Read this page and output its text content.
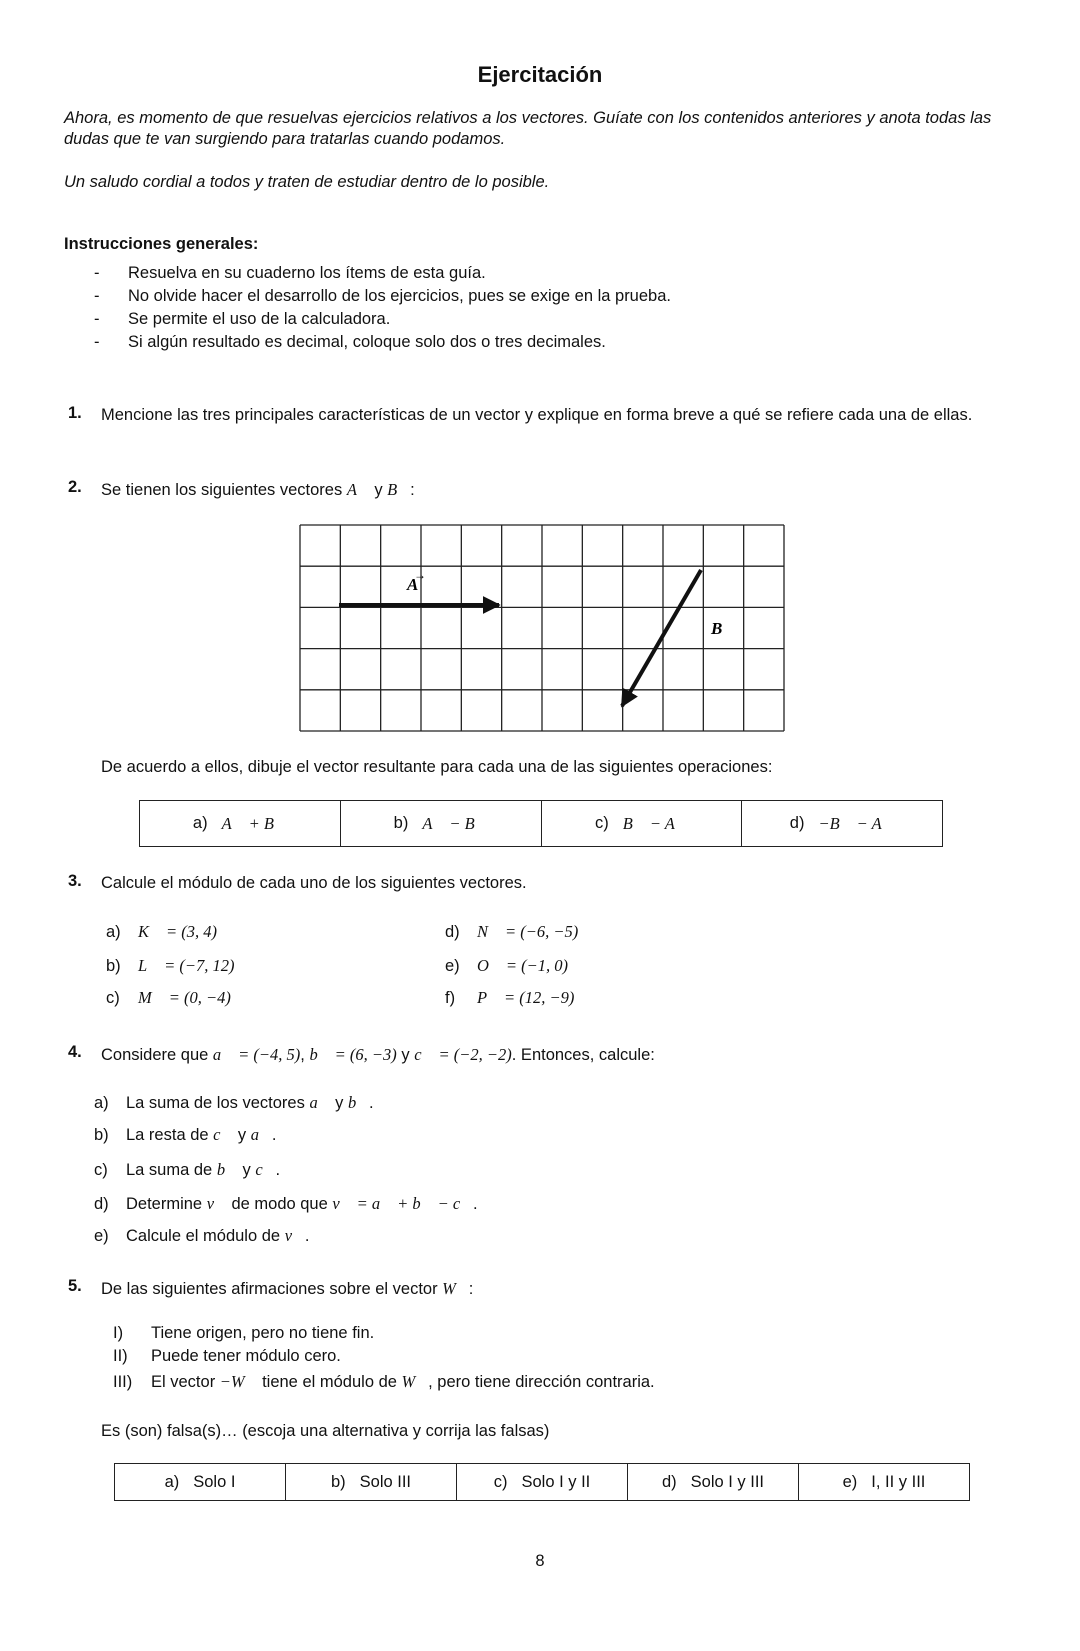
Ejercitación
Ahora, es momento de que resuelvas ejercicios relativos a los vectores. Guíate con los contenidos anteriores y anota todas las dudas que te van surgiendo para tratarlas cuando podamos.
Un saludo cordial a todos y traten de estudiar dentro de lo posible.
Instrucciones generales:
- Resuelva en su cuaderno los ítems de esta guía.
- No olvide hacer el desarrollo de los ejercicios, pues se exige en la prueba.
- Se permite el uso de la calculadora.
- Si algún resultado es decimal, coloque solo dos o tres decimales.
1. Mencione las tres principales características de un vector y explique en forma breve a qué se refiere cada una de ellas.
2. Se tienen los siguientes vectores A⃗ y B⃗:
A
→
B⃗
De acuerdo a ellos, dibuje el vector resultante para cada una de las siguientes operaciones:
a) A⃗ + B⃗	b) A⃗ − B⃗	c) B⃗ − A⃗	d) −B⃗ − A⃗
3. Calcule el módulo de cada uno de los siguientes vectores.
a) K⃗ = (3, 4)	d) N⃗ = (−6, −5)
b) L⃗ = (−7, 12)	e) O⃗ = (−1, 0)
c) M⃗ = (0, −4)	f) P⃗ = (12, −9)
4. Considere que a⃗ = (−4, 5), b⃗ = (6, −3) y c⃗ = (−2, −2). Entonces, calcule:
a) La suma de los vectores a⃗ y b⃗.
b) La resta de c⃗ y a⃗.
c) La suma de b⃗ y c⃗.
d) Determine v⃗ de modo que v⃗ = a⃗ + b⃗ − c⃗.
e) Calcule el módulo de v⃗.
5. De las siguientes afirmaciones sobre el vector W⃗:
I) Tiene origen, pero no tiene fin.
II) Puede tener módulo cero.
III) El vector −W⃗ tiene el módulo de W⃗, pero tiene dirección contraria.
Es (son) falsa(s)… (escoja una alternativa y corrija las falsas)
a) Solo I	b) Solo III	c) Solo I y II	d) Solo I y III	e) I, II y III
8
